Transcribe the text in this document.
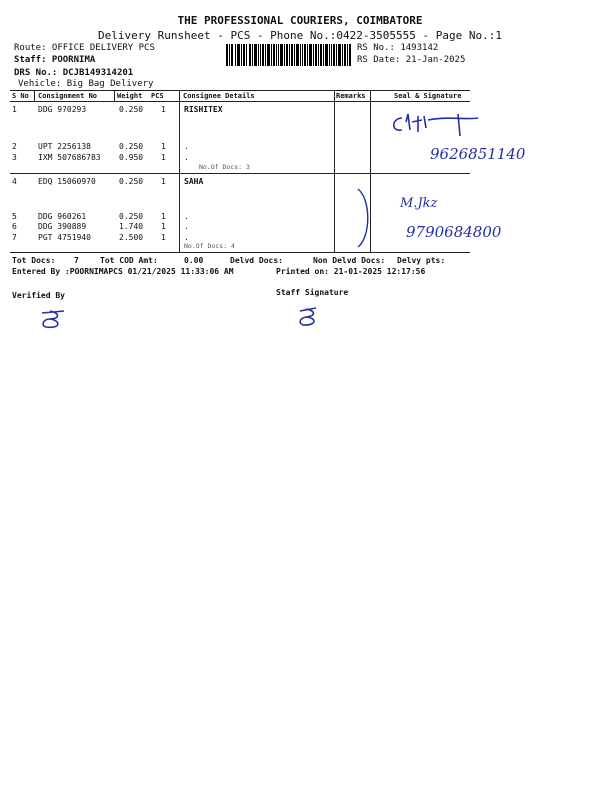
THE PROFESSIONAL COURIERS, COIMBATORE
Delivery Runsheet - PCS - Phone No.:0422-3505555 - Page No.:1
Route: OFFICE DELIVERY PCS
Staff: POORNIMA
DRS No.: DCJB149314201
Vehicle: Big Bag Delivery
RS No.: 1493142
RS Date: 21-Jan-2025
S No Consignment No	Weight PCS	Consignee Details	Remarks	Seal & Signature
1	DDG 970293	0.250 1 RISHITEX
2	UPT 2256138	0.250 1 .
3	IXM 507686783 0.950 1 .
No.Of Docs: 3
4	EDQ 15060970	0.250 1 SAHA
5	DDG 960261	0.250 1 .
6	DDG 390889	1.740 1 .
7	PGT 4751940	2.500 1 .
No.Of Docs: 4
9626851140
M.Jkz
9790684800
Tot Docs: 7	Tot COD Amt:	0.00	Delvd Docs:	Non Delvd Docs: Delvy pts:
Entered By :POORNIMAPCS 01/21/2025 11:33:06 AM	Printed on: 21-01-2025 12:17:56
Verified By	Staff Signature
